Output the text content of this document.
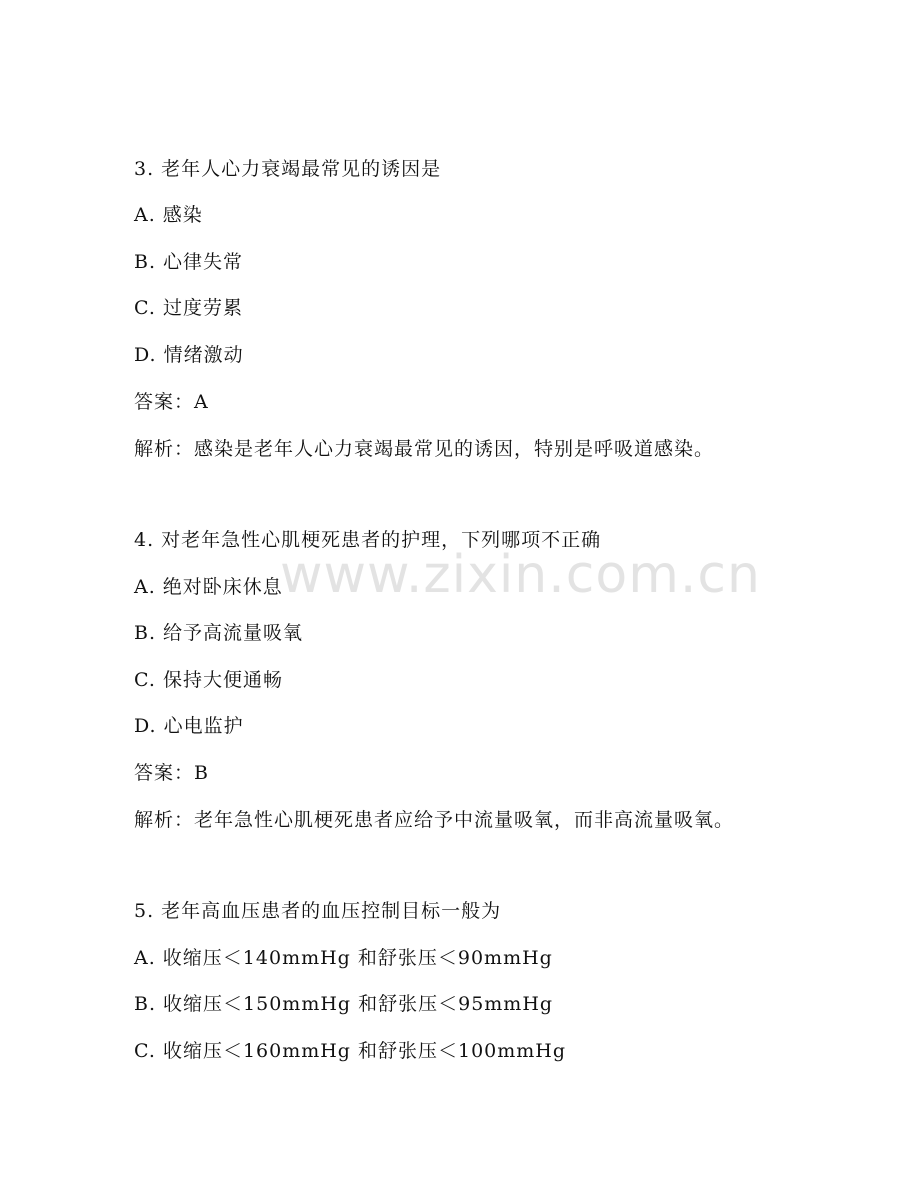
www.zixin.com.cn
3. 老年人心力衰竭最常见的诱因是
A. 感染
B. 心律失常
C. 过度劳累
D. 情绪激动
答案：A
解析：感染是老年人心力衰竭最常见的诱因，特别是呼吸道感染。
4. 对老年急性心肌梗死患者的护理，下列哪项不正确
A. 绝对卧床休息
B. 给予高流量吸氧
C. 保持大便通畅
D. 心电监护
答案：B
解析：老年急性心肌梗死患者应给予中流量吸氧，而非高流量吸氧。
5. 老年高血压患者的血压控制目标一般为
A. 收缩压＜140mmHg 和舒张压＜90mmHg
B. 收缩压＜150mmHg 和舒张压＜95mmHg
C. 收缩压＜160mmHg 和舒张压＜100mmHg
